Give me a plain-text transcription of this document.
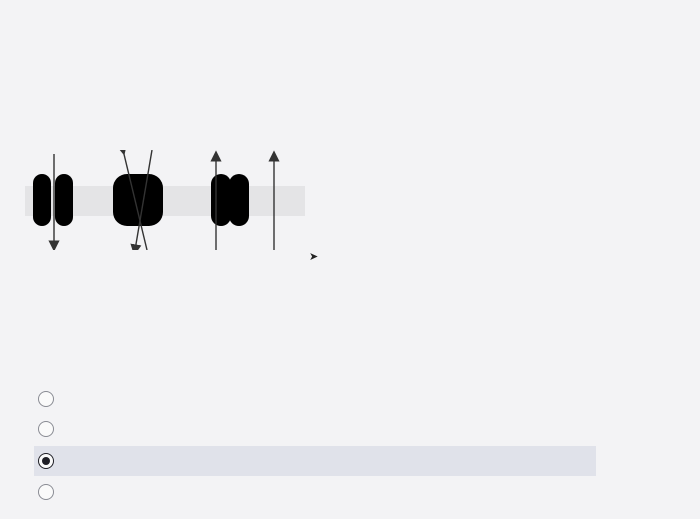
➤
